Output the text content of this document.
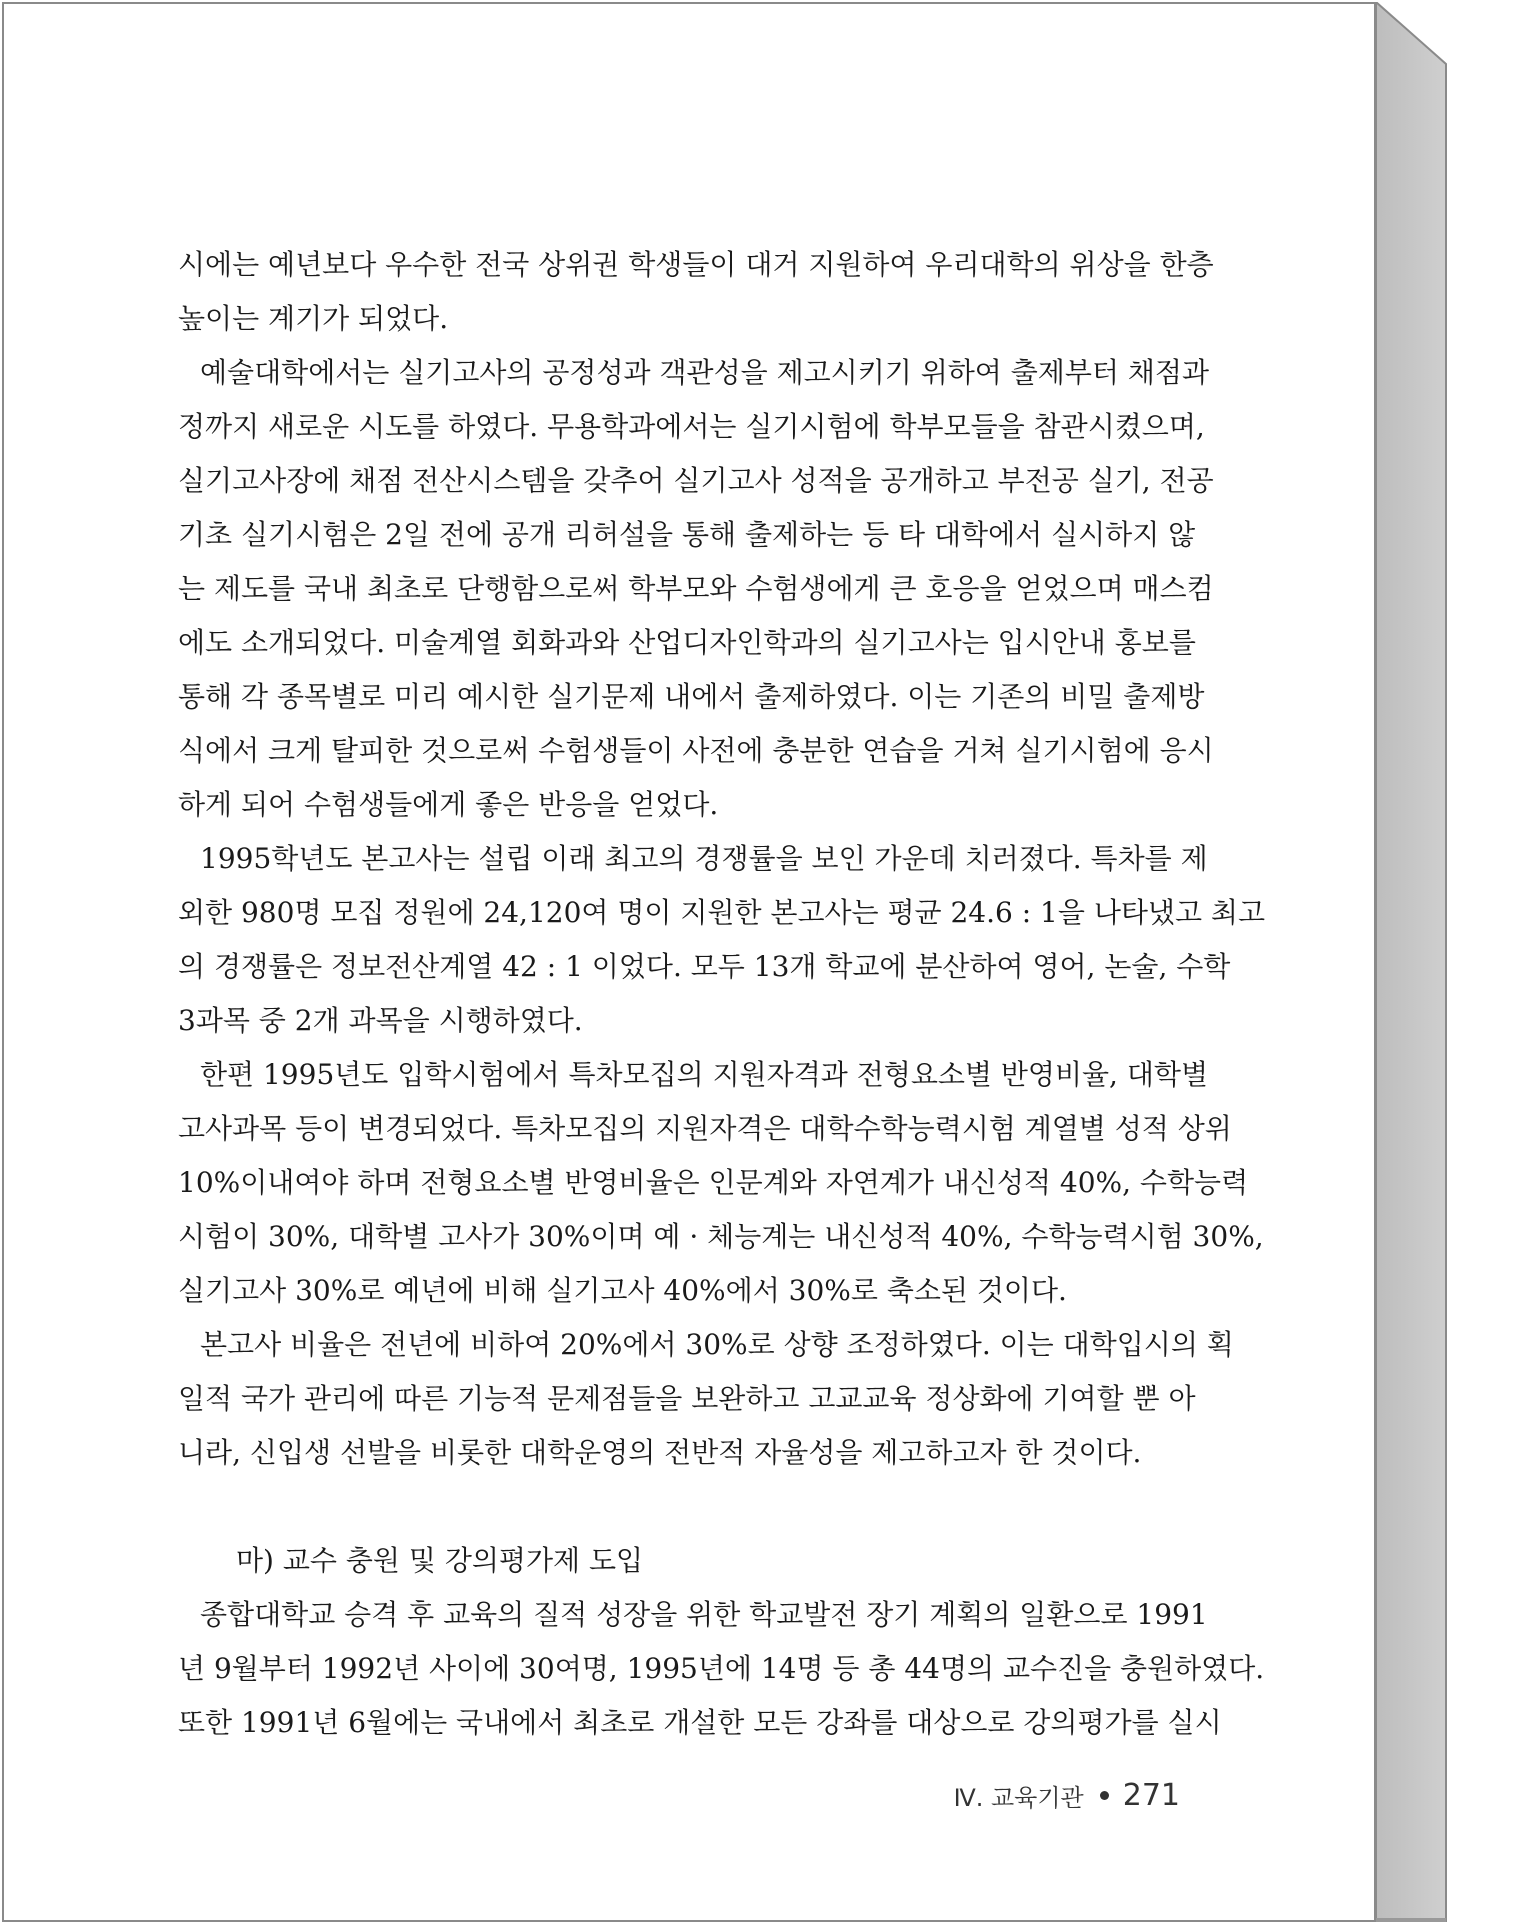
시에는 예년보다 우수한 전국 상위권 학생들이 대거 지원하여 우리대학의 위상을 한층
높이는 계기가 되었다.
예술대학에서는 실기고사의 공정성과 객관성을 제고시키기 위하여 출제부터 채점과
정까지 새로운 시도를 하였다. 무용학과에서는 실기시험에 학부모들을 참관시켰으며,
실기고사장에 채점 전산시스템을 갖추어 실기고사 성적을 공개하고 부전공 실기, 전공
기초 실기시험은 2일 전에 공개 리허설을 통해 출제하는 등 타 대학에서 실시하지 않
는 제도를 국내 최초로 단행함으로써 학부모와 수험생에게 큰 호응을 얻었으며 매스컴
에도 소개되었다. 미술계열 회화과와 산업디자인학과의 실기고사는 입시안내 홍보를
통해 각 종목별로 미리 예시한 실기문제 내에서 출제하였다. 이는 기존의 비밀 출제방
식에서 크게 탈피한 것으로써 수험생들이 사전에 충분한 연습을 거쳐 실기시험에 응시
하게 되어 수험생들에게 좋은 반응을 얻었다.
1995학년도 본고사는 설립 이래 최고의 경쟁률을 보인 가운데 치러졌다. 특차를 제
외한 980명 모집 정원에 24,120여 명이 지원한 본고사는 평균 24.6 : 1을 나타냈고 최고
의 경쟁률은 정보전산계열 42 : 1 이었다. 모두 13개 학교에 분산하여 영어, 논술, 수학
3과목 중 2개 과목을 시행하였다.
한편 1995년도 입학시험에서 특차모집의 지원자격과 전형요소별 반영비율, 대학별
고사과목 등이 변경되었다. 특차모집의 지원자격은 대학수학능력시험 계열별 성적 상위
10%이내여야 하며 전형요소별 반영비율은 인문계와 자연계가 내신성적 40%, 수학능력
시험이 30%, 대학별 고사가 30%이며 예 · 체능계는 내신성적 40%, 수학능력시험 30%,
실기고사 30%로 예년에 비해 실기고사 40%에서 30%로 축소된 것이다.
본고사 비율은 전년에 비하여 20%에서 30%로 상향 조정하였다. 이는 대학입시의 획
일적 국가 관리에 따른 기능적 문제점들을 보완하고 고교교육 정상화에 기여할 뿐 아
니라, 신입생 선발을 비롯한 대학운영의 전반적 자율성을 제고하고자 한 것이다.
마) 교수 충원 및 강의평가제 도입
종합대학교 승격 후 교육의 질적 성장을 위한 학교발전 장기 계획의 일환으로 1991
년 9월부터 1992년 사이에 30여명, 1995년에 14명 등 총 44명의 교수진을 충원하였다.
또한 1991년 6월에는 국내에서 최초로 개설한 모든 강좌를 대상으로 강의평가를 실시
Ⅳ. 교육기관 271
